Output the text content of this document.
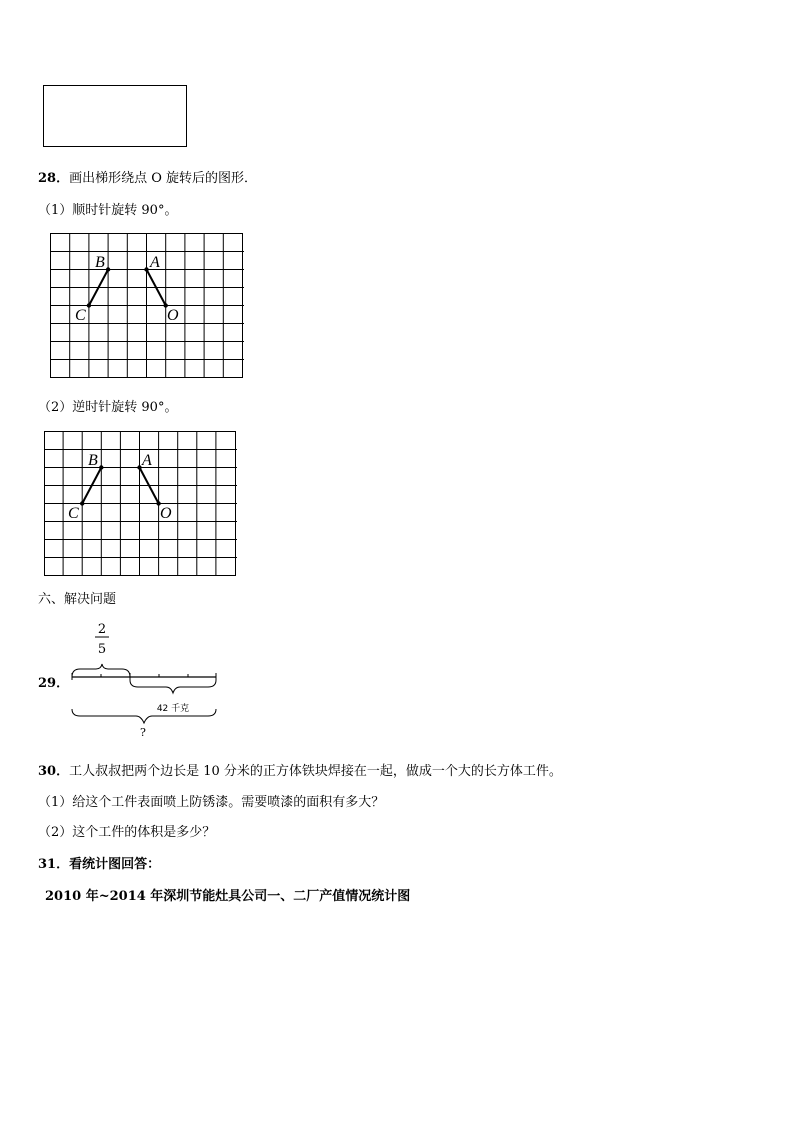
28．画出梯形绕点 O 旋转后的图形．
（1）顺时针旋转 90°。
B	A
C	O
（2）逆时针旋转 90°。
B	A
C	O
六、解决问题
29．
2
5
42 千克
?
30．工人叔叔把两个边长是 10 分米的正方体铁块焊接在一起，做成一个大的长方体工件。
（1）给这个工件表面喷上防锈漆。需要喷漆的面积有多大？
（2）这个工件的体积是多少？
31．看统计图回答：
2010 年~2014 年深圳节能灶具公司一、二厂产值情况统计图
